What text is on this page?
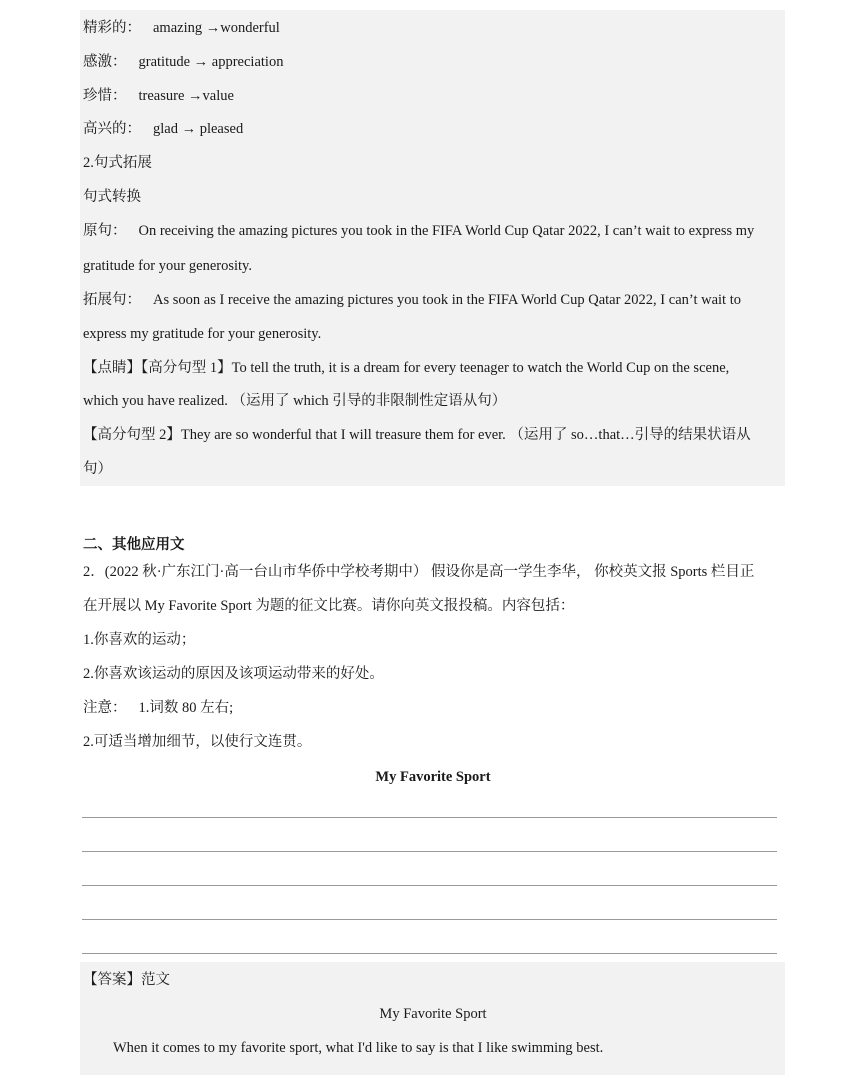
精彩的： amazing →wonderful
感激： gratitude → appreciation
珍惜： treasure →value
高兴的： glad → pleased
2.句式拓展
句式转换
原句： On receiving the amazing pictures you took in the FIFA World Cup Qatar 2022, I can’t wait to express my
gratitude for your generosity.
拓展句： As soon as I receive the amazing pictures you took in the FIFA World Cup Qatar 2022, I can’t wait to
express my gratitude for your generosity.
【点睛】【高分句型 1】To tell the truth, it is a dream for every teenager to watch the World Cup on the scene,
which you have realized. （运用了 which 引导的非限制性定语从句）
【高分句型 2】They are so wonderful that I will treasure them for ever. （运用了 so…that…引导的结果状语从
句）
二、其他应用文
2．(2022 秋·广东江门·高一台山市华侨中学校考期中） 假设你是高一学生李华， 你校英文报 Sports 栏目正
在开展以 My Favorite Sport 为题的征文比赛。请你向英文报投稿。内容包括：
1.你喜欢的运动；
2.你喜欢该运动的原因及该项运动带来的好处。
注意： 1.词数 80 左右;
2.可适当增加细节，以使行文连贯。
My Favorite Sport
【答案】范文
My Favorite Sport
When it comes to my favorite sport, what I'd like to say is that I like swimming best.
